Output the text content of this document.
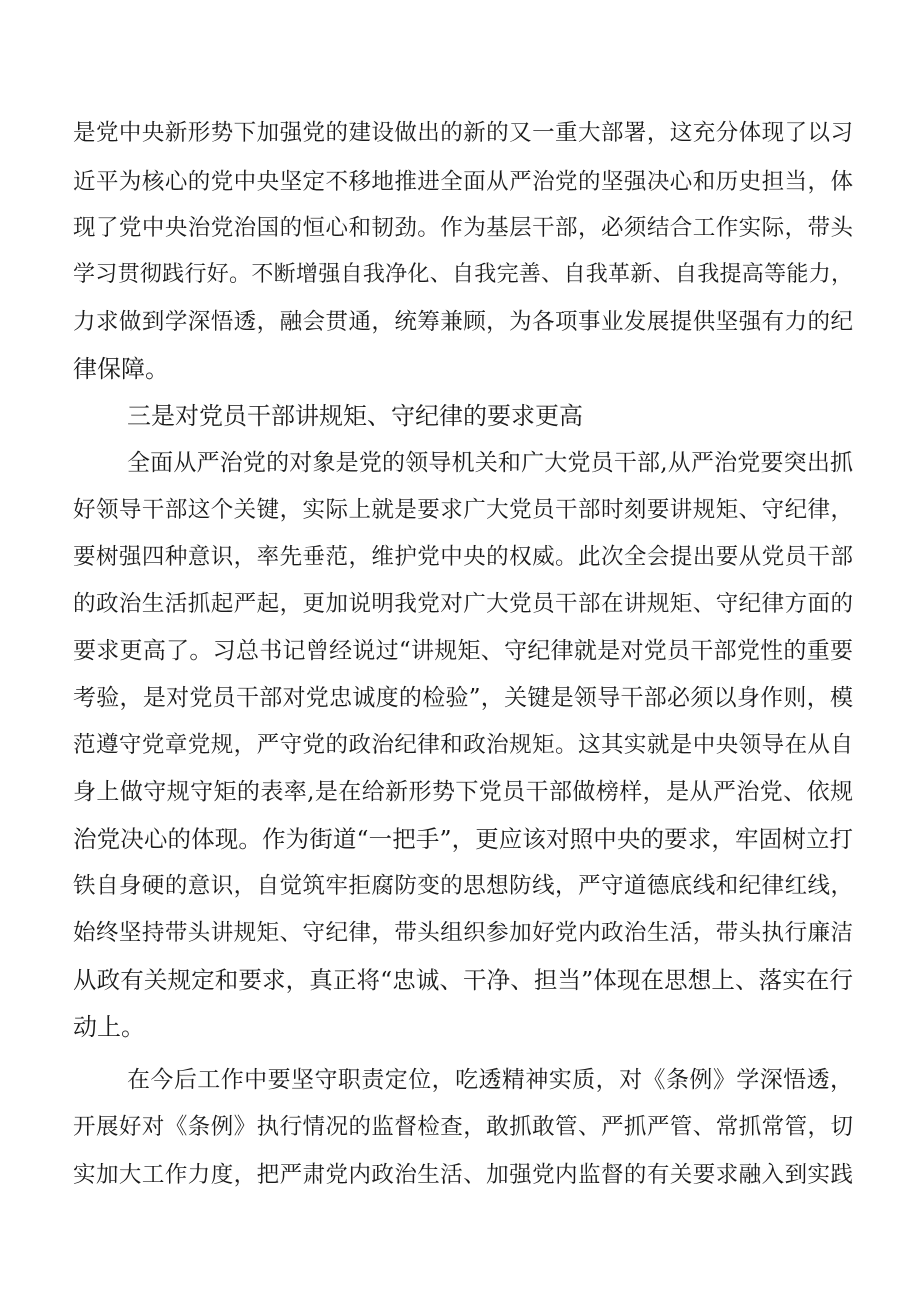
是党中央新形势下加强党的建设做出的新的又一重大部署，这充分体现了以习
近平为核心的党中央坚定不移地推进全面从严治党的坚强决心和历史担当，体
现了党中央治党治国的恒心和韧劲。作为基层干部，必须结合工作实际，带头
学习贯彻践行好。不断增强自我净化、自我完善、自我革新、自我提高等能力，
力求做到学深悟透，融会贯通，统筹兼顾，为各项事业发展提供坚强有力的纪
律保障。
三是对党员干部讲规矩、守纪律的要求更高
全面从严治党的对象是党的领导机关和广大党员干部,从严治党要突出抓
好领导干部这个关键，实际上就是要求广大党员干部时刻要讲规矩、守纪律，
要树强四种意识，率先垂范，维护党中央的权威。此次全会提出要从党员干部
的政治生活抓起严起，更加说明我党对广大党员干部在讲规矩、守纪律方面的
要求更高了。习总书记曾经说过“讲规矩、守纪律就是对党员干部党性的重要
考验，是对党员干部对党忠诚度的检验”，关键是领导干部必须以身作则，模
范遵守党章党规，严守党的政治纪律和政治规矩。这其实就是中央领导在从自
身上做守规守矩的表率,是在给新形势下党员干部做榜样，是从严治党、依规
治党决心的体现。作为街道“一把手”，更应该对照中央的要求，牢固树立打
铁自身硬的意识，自觉筑牢拒腐防变的思想防线，严守道德底线和纪律红线，
始终坚持带头讲规矩、守纪律，带头组织参加好党内政治生活，带头执行廉洁
从政有关规定和要求，真正将“忠诚、干净、担当”体现在思想上、落实在行
动上。
在今后工作中要坚守职责定位，吃透精神实质，对《条例》学深悟透，
开展好对《条例》执行情况的监督检查，敢抓敢管、严抓严管、常抓常管，切
实加大工作力度，把严肃党内政治生活、加强党内监督的有关要求融入到实践
